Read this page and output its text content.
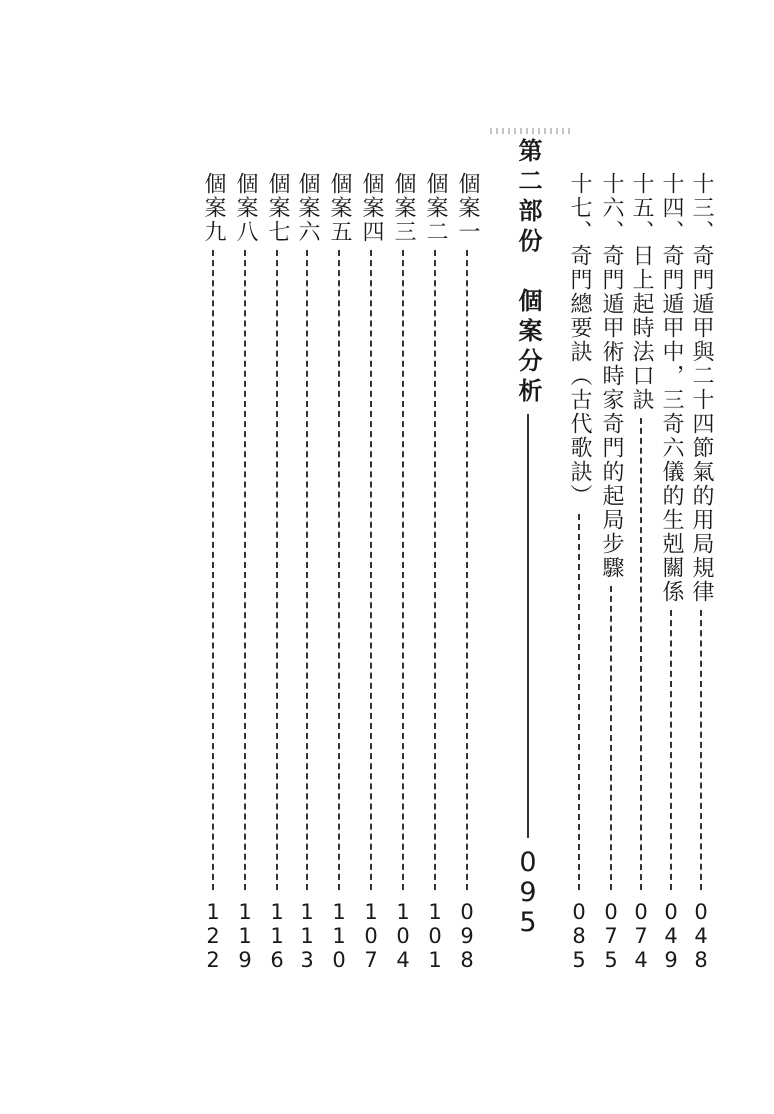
十三、奇門遁甲與二十四節氣的用局規律
0
4
8
十四、奇門遁甲中，三奇六儀的生剋關係
0
4
9
十五、日上起時法口訣
0
7
4
十六、奇門遁甲術時家奇門的起局步驟
0
7
5
十七、奇門總要訣（古代歌訣）
0
8
5
第二部份　個案分析
0
9
5
個案一
0
9
8
個案二
1
0
1
個案三
1
0
4
個案四
1
0
7
個案五
1
1
0
個案六
1
1
3
個案七
1
1
6
個案八
1
1
9
個案九
1
2
2
